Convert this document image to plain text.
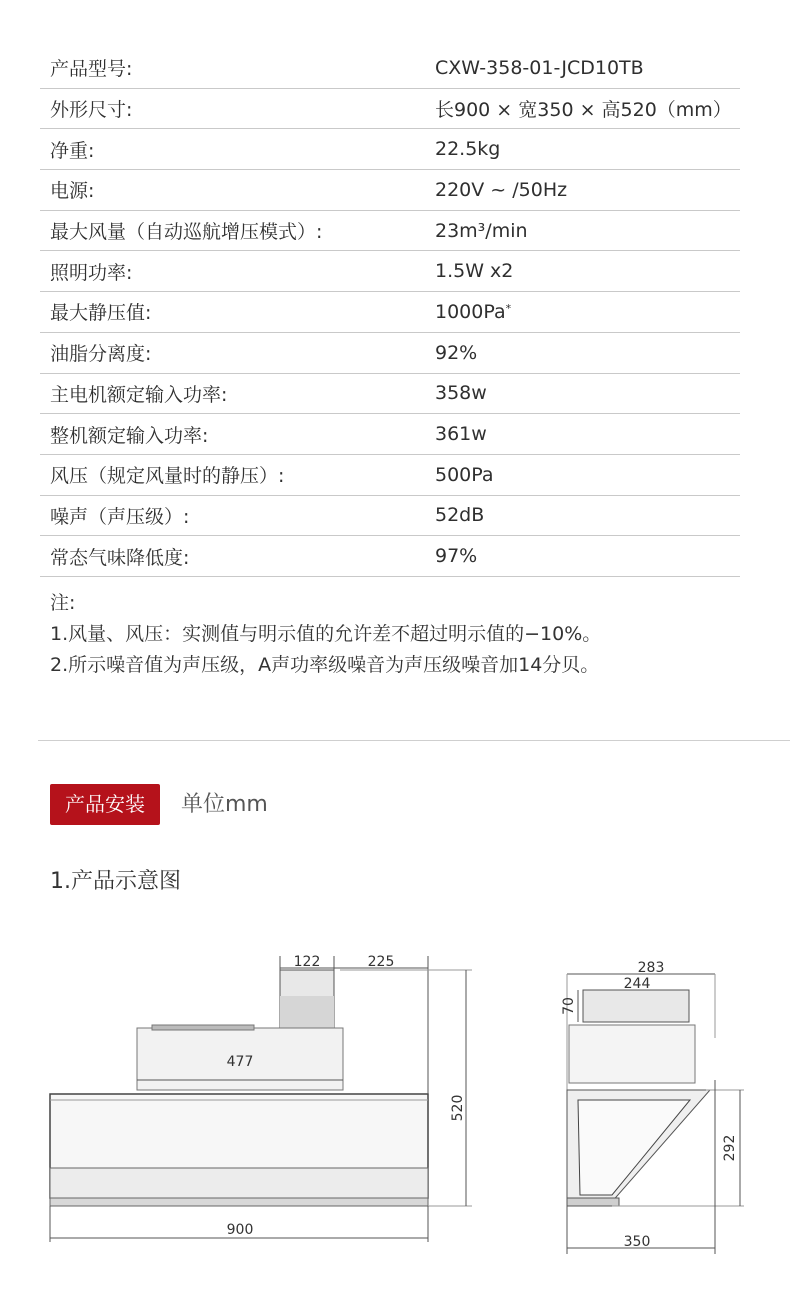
产品型号:	CXW-358-01-JCD10TB
外形尺寸:	长900 × 宽350 × 高520（mm）
净重:	22.5kg
电源:	220V ~ /50Hz
最大风量（自动巡航增压模式）:	23m³/min
照明功率:	1.5W x2
最大静压值:	1000Pa*
油脂分离度:	92%
主电机额定输入功率:	358w
整机额定输入功率:	361w
风压（规定风量时的静压）:	500Pa
噪声（声压级）:	52dB
常态气味降低度:	97%
注:
1.风量、风压：实测值与明示值的允许差不超过明示值的−10%。
2.所示噪音值为声压级，A声功率级噪音为声压级噪音加14分贝。
产品安装	单位mm
1.产品示意图
122	225
477
520
900
283
244
70
292
350
